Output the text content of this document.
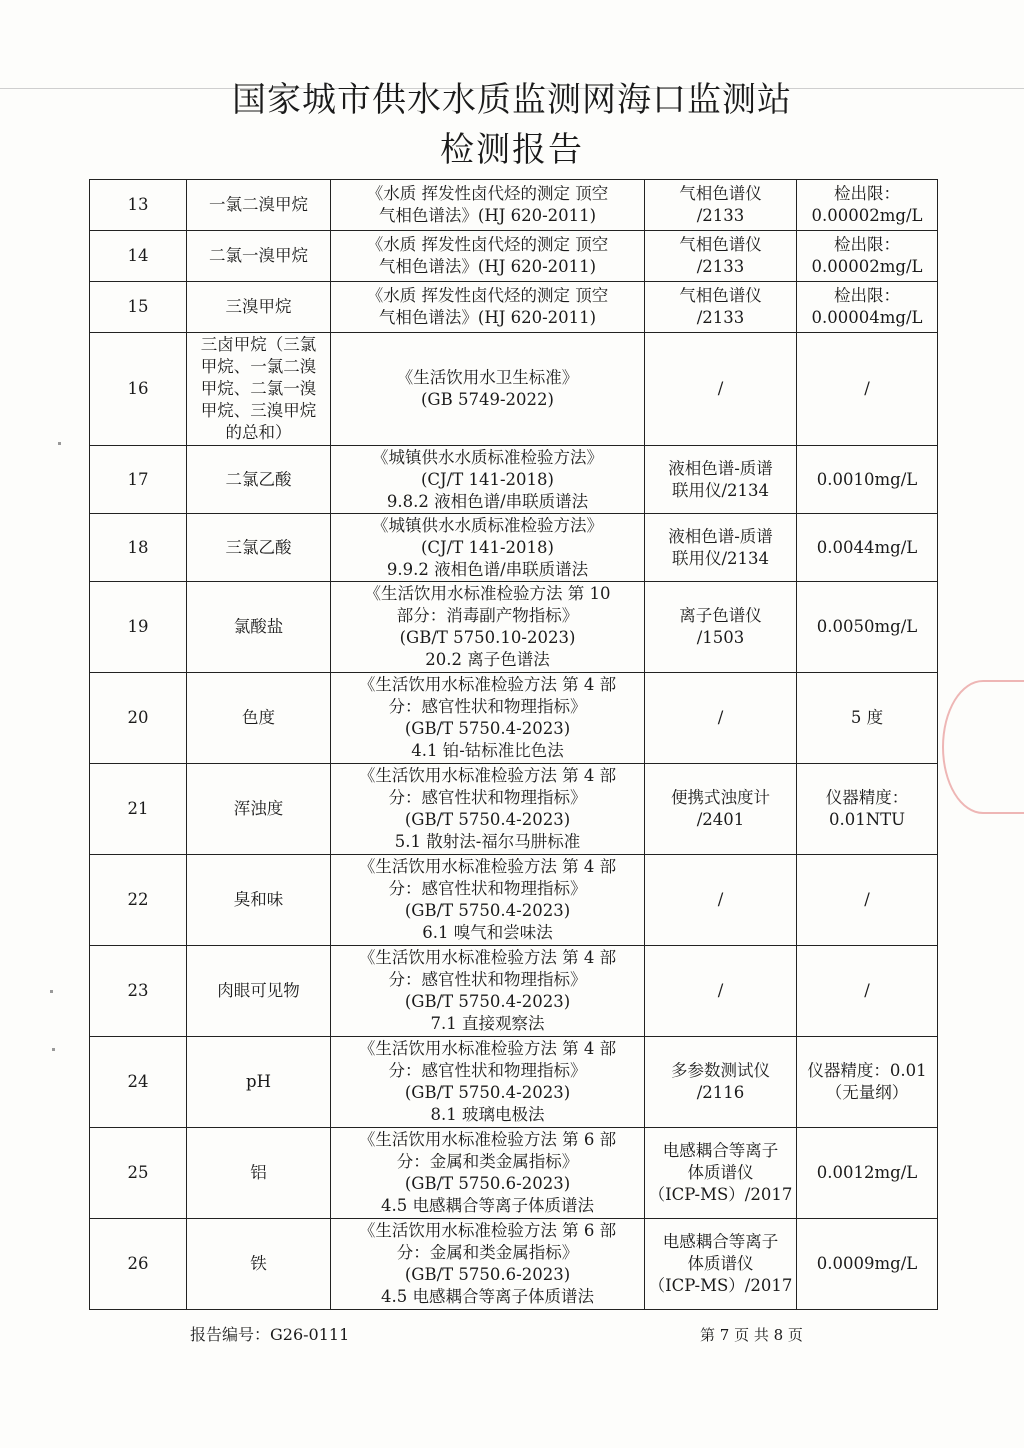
国家城市供水水质监测网海口监测站
检测报告
13	一氯二溴甲烷	《水质 挥发性卤代烃的测定 顶空
气相色谱法》(HJ 620-2011)	气相色谱仪
/2133	检出限：
0.00002mg/L

14	二氯一溴甲烷	《水质 挥发性卤代烃的测定 顶空
气相色谱法》(HJ 620-2011)	气相色谱仪
/2133	检出限：
0.00002mg/L

15	三溴甲烷	《水质 挥发性卤代烃的测定 顶空
气相色谱法》(HJ 620-2011)	气相色谱仪
/2133	检出限：
0.00004mg/L

16	三卤甲烷（三氯
甲烷、一氯二溴
甲烷、二氯一溴
甲烷、三溴甲烷
的总和）	《生活饮用水卫生标准》
(GB 5749-2022)	/	/

17	二氯乙酸	《城镇供水水质标准检验方法》
(CJ/T 141-2018)
9.8.2 液相色谱/串联质谱法	液相色谱-质谱
联用仪/2134	0.0010mg/L

18	三氯乙酸	《城镇供水水质标准检验方法》
(CJ/T 141-2018)
9.9.2 液相色谱/串联质谱法	液相色谱-质谱
联用仪/2134	0.0044mg/L

19	氯酸盐	《生活饮用水标准检验方法 第 10
部分：消毒副产物指标》
(GB/T 5750.10-2023)
20.2 离子色谱法	离子色谱仪
/1503	0.0050mg/L

20	色度	《生活饮用水标准检验方法 第 4 部
分：感官性状和物理指标》
(GB/T 5750.4-2023)
4.1 铂-钴标准比色法	/	5 度

21	浑浊度	《生活饮用水标准检验方法 第 4 部
分：感官性状和物理指标》
(GB/T 5750.4-2023)
5.1 散射法-福尔马肼标准	便携式浊度计
/2401	仪器精度：
0.01NTU

22	臭和味	《生活饮用水标准检验方法 第 4 部
分：感官性状和物理指标》
(GB/T 5750.4-2023)
6.1 嗅气和尝味法	/	/

23	肉眼可见物	《生活饮用水标准检验方法 第 4 部
分：感官性状和物理指标》
(GB/T 5750.4-2023)
7.1 直接观察法	/	/

24	pH	《生活饮用水标准检验方法 第 4 部
分：感官性状和物理指标》
(GB/T 5750.4-2023)
8.1 玻璃电极法	多参数测试仪
/2116	仪器精度：0.01
（无量纲）

25	铝	《生活饮用水标准检验方法 第 6 部
分：金属和类金属指标》
(GB/T 5750.6-2023)
4.5 电感耦合等离子体质谱法	电感耦合等离子
体质谱仪
（ICP-MS）/2017	0.0012mg/L

26	铁	《生活饮用水标准检验方法 第 6 部
分：金属和类金属指标》
(GB/T 5750.6-2023)
4.5 电感耦合等离子体质谱法	电感耦合等离子
体质谱仪
（ICP-MS）/2017	0.0009mg/L
报告编号：G26-0111	第 7 页 共 8 页
